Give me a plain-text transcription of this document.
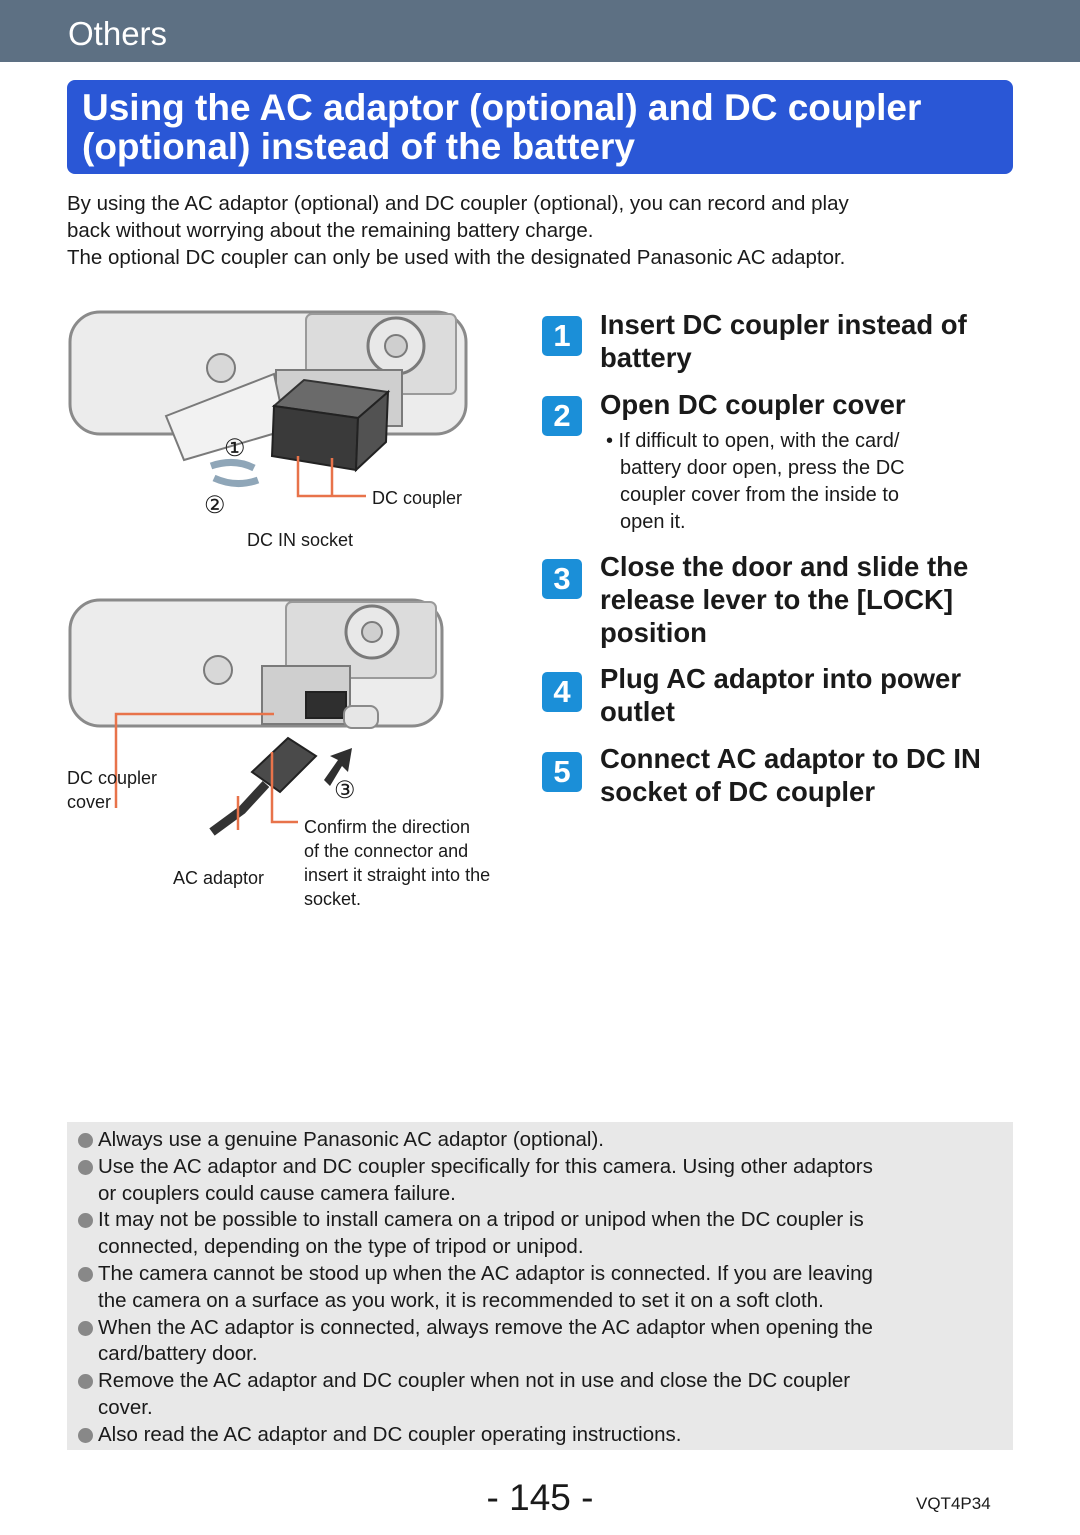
Others
Using the AC adaptor (optional) and DC coupler
(optional) instead of the battery
By using the AC adaptor (optional) and DC coupler (optional), you can record and play
back without worrying about the remaining battery charge.
The optional DC coupler can only be used with the designated Panasonic AC adaptor.
①
②	DC coupler
DC IN socket
③
DC coupler
cover
AC adaptor
Confirm the direction
of the connector and
insert it straight into the
socket.
1	Insert DC coupler instead of
battery
2	Open DC coupler cover
• If difficult to open, with the card/
battery door open, press the DC
coupler cover from the inside to
open it.
3	Close the door and slide the
release lever to the [LOCK]
position
4	Plug AC adaptor into power
outlet
5	Connect AC adaptor to DC IN
socket of DC coupler
Always use a genuine Panasonic AC adaptor (optional).
Use the AC adaptor and DC coupler specifically for this camera. Using other adaptors
or couplers could cause camera failure.
It may not be possible to install camera on a tripod or unipod when the DC coupler is
connected, depending on the type of tripod or unipod.
The camera cannot be stood up when the AC adaptor is connected. If you are leaving
the camera on a surface as you work, it is recommended to set it on a soft cloth.
When the AC adaptor is connected, always remove the AC adaptor when opening the
card/battery door.
Remove the AC adaptor and DC coupler when not in use and close the DC coupler
cover.
Also read the AC adaptor and DC coupler operating instructions.
- 145 -	VQT4P34
